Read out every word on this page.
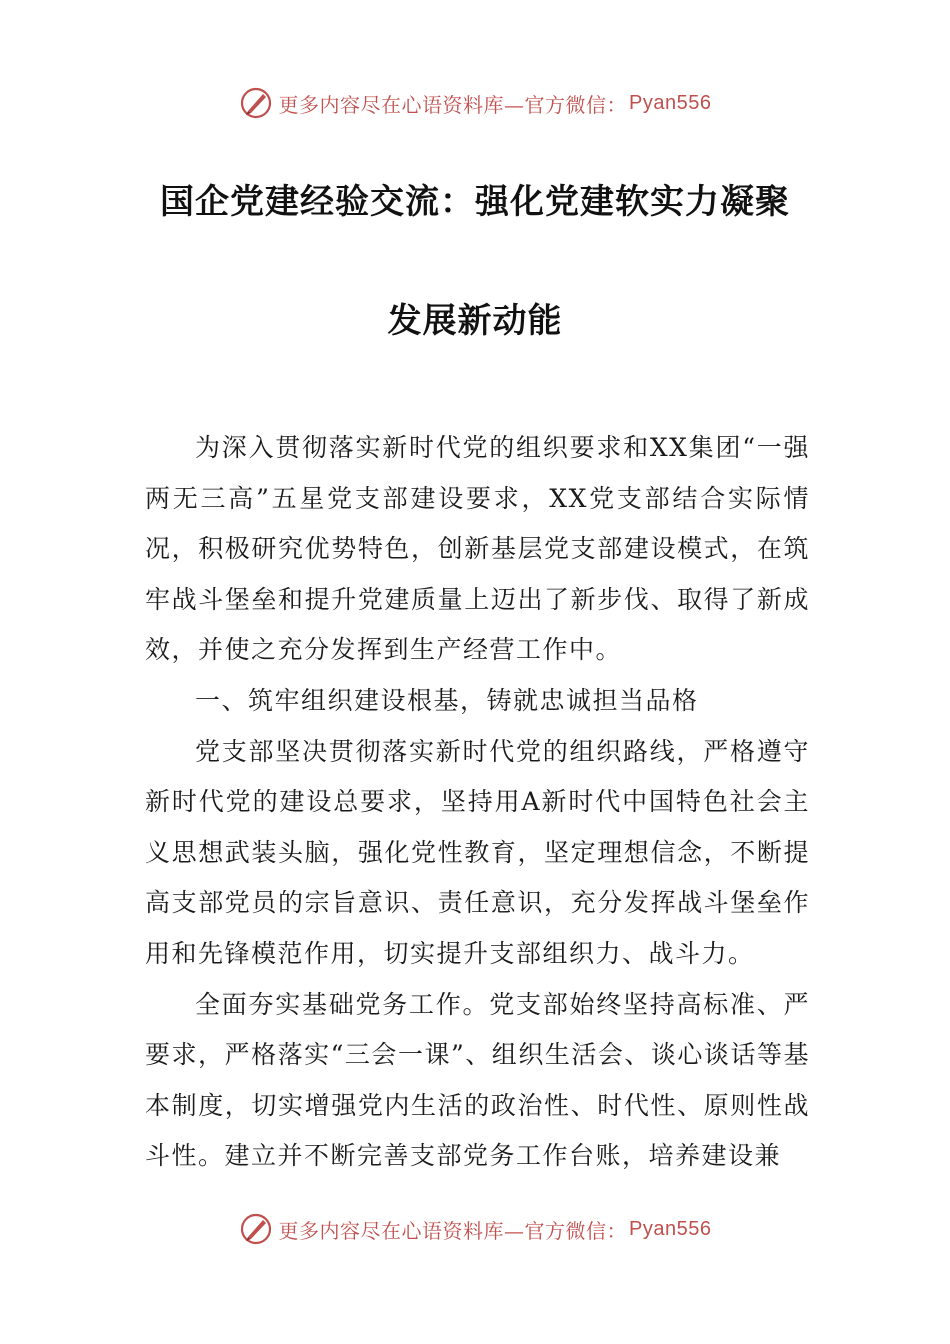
更多内容尽在心语资料库—官方微信： Pyan556
国企党建经验交流：强化党建软实力凝聚
发展新动能

为深入贯彻落实新时代党的组织要求和XX集团“一强两无三高”五星党支部建设要求，XX党支部结合实际情况，积极研究优势特色，创新基层党支部建设模式，在筑牢战斗堡垒和提升党建质量上迈出了新步伐、取得了新成效，并使之充分发挥到生产经营工作中。

一、筑牢组织建设根基，铸就忠诚担当品格

党支部坚决贯彻落实新时代党的组织路线，严格遵守新时代党的建设总要求，坚持用A新时代中国特色社会主义思想武装头脑，强化党性教育，坚定理想信念，不断提高支部党员的宗旨意识、责任意识，充分发挥战斗堡垒作用和先锋模范作用，切实提升支部组织力、战斗力。

全面夯实基础党务工作。党支部始终坚持高标准、严要求，严格落实“三会一课”、组织生活会、谈心谈话等基本制度，切实增强党内生活的政治性、时代性、原则性战斗性。建立并不断完善支部党务工作台账，培养建设兼

更多内容尽在心语资料库—官方微信： Pyan556
